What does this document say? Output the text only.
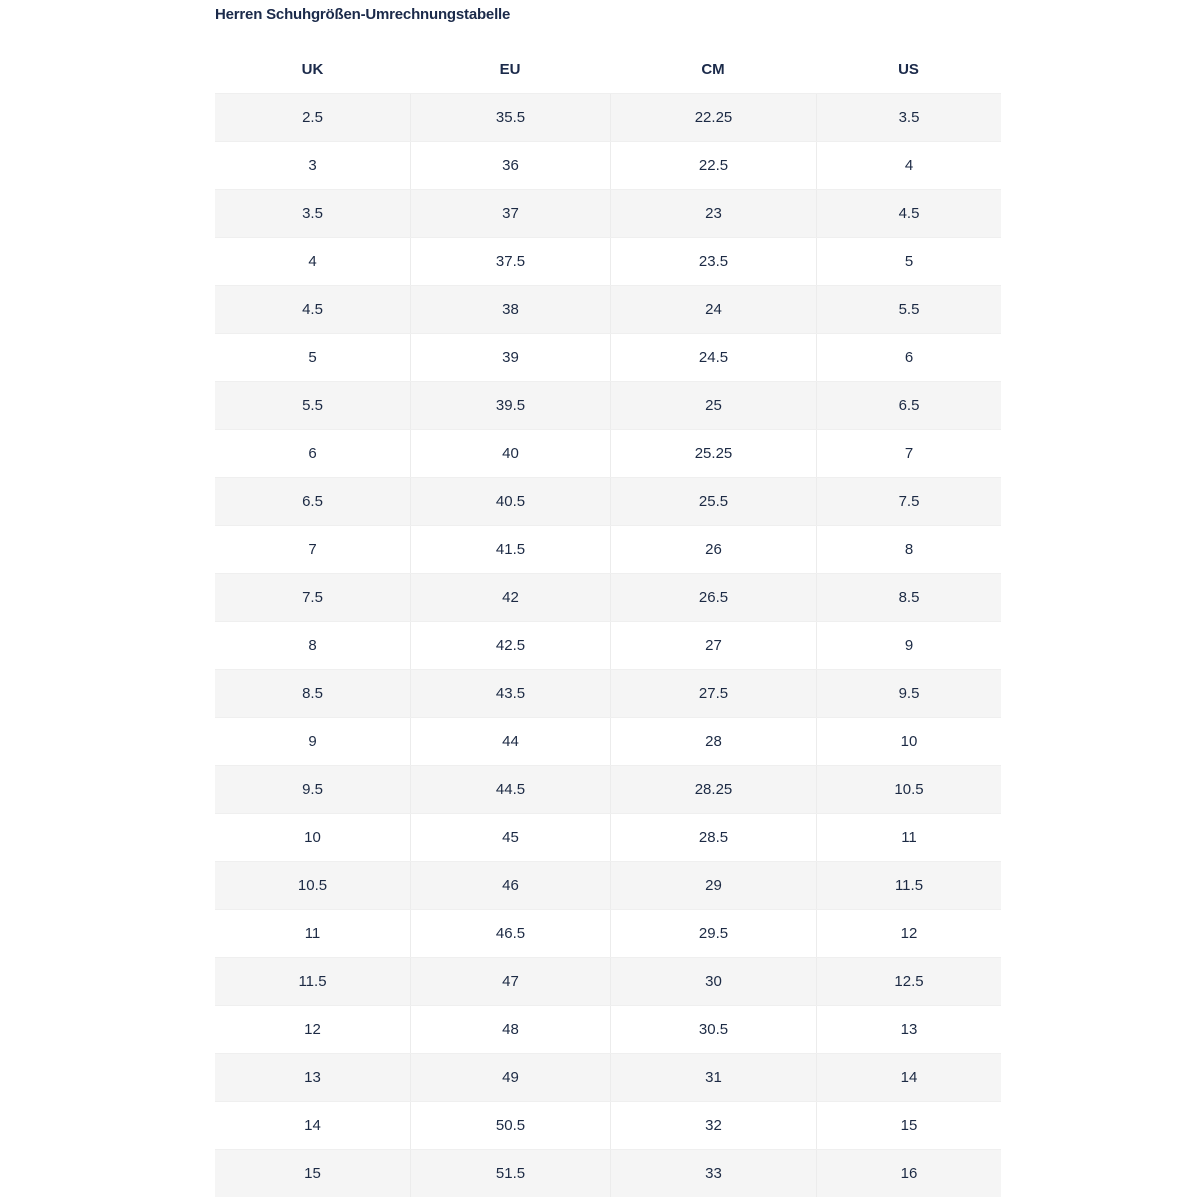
Herren Schuhgrößen-Umrechnungstabelle
UK	EU	CM	US
2.5	35.5	22.25	3.5
3	36	22.5	4
3.5	37	23	4.5
4	37.5	23.5	5
4.5	38	24	5.5
5	39	24.5	6
5.5	39.5	25	6.5
6	40	25.25	7
6.5	40.5	25.5	7.5
7	41.5	26	8
7.5	42	26.5	8.5
8	42.5	27	9
8.5	43.5	27.5	9.5
9	44	28	10
9.5	44.5	28.25	10.5
10	45	28.5	11
10.5	46	29	11.5
11	46.5	29.5	12
11.5	47	30	12.5
12	48	30.5	13
13	49	31	14
14	50.5	32	15
15	51.5	33	16
